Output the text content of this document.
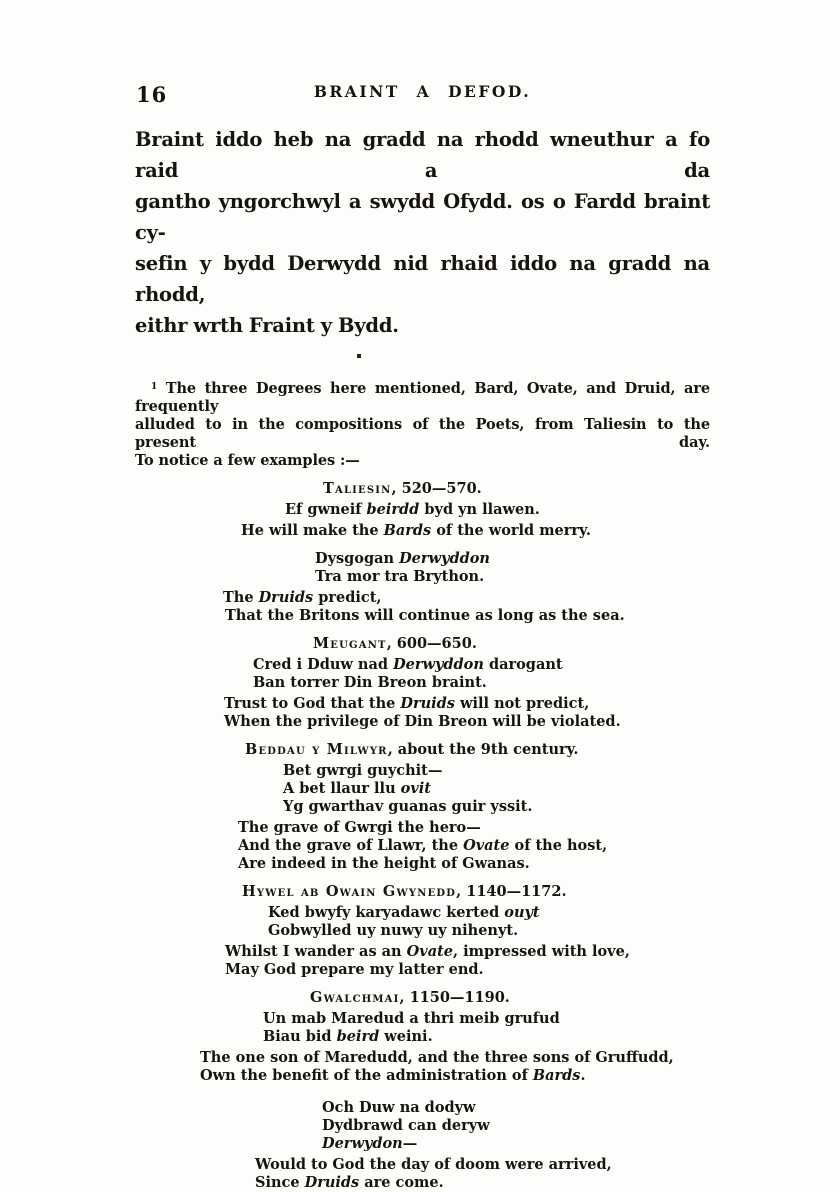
16	BRAINT A DEFOD.
Braint iddo heb na gradd na rhodd wneuthur a fo raid a da
gantho yngorchwyl a swydd Ofydd. os o Fardd braint cy-
sefin y bydd Derwydd nid rhaid iddo na gradd na rhodd,
eithr wrth Fraint y Bydd.
$^1$ The three Degrees here mentioned, Bard, Ovate, and Druid, are frequently
alluded to in the compositions of the Poets, from Taliesin to the present day.
To notice a few examples :—
Taliesin, 520—570.
Ef gwneif beirdd byd yn llawen.
He will make the Bards of the world merry.
Dysgogan Derwyddon
Tra mor tra Brython.
The Druids predict,
That the Britons will continue as long as the sea.
Meugant, 600—650.
Cred i Dduw nad Derwyddon darogant
Ban torrer Din Breon braint.
Trust to God that the Druids will not predict,
When the privilege of Din Breon will be violated.
Beddau y Milwyr, about the 9th century.
Bet gwrgi guychit—
A bet llaur llu ovit
Yg gwarthav guanas guir yssit.
The grave of Gwrgi the hero—
And the grave of Llawr, the Ovate of the host,
Are indeed in the height of Gwanas.
Hywel ab Owain Gwynedd, 1140—1172.
Ked bwyfy karyadawc kerted ouyt
Gobwylled uy nuwy uy nihenyt.
Whilst I wander as an Ovate, impressed with love,
May God prepare my latter end.
Gwalchmai, 1150—1190.
Un mab Maredud a thri meib grufud
Biau bid beird weini.
The one son of Maredudd, and the three sons of Gruffudd,
Own the benefit of the administration of Bards.
Och Duw na dodyw
Dydbrawd can deryw
Derwydon—
Would to God the day of doom were arrived,
Since Druids are come.
